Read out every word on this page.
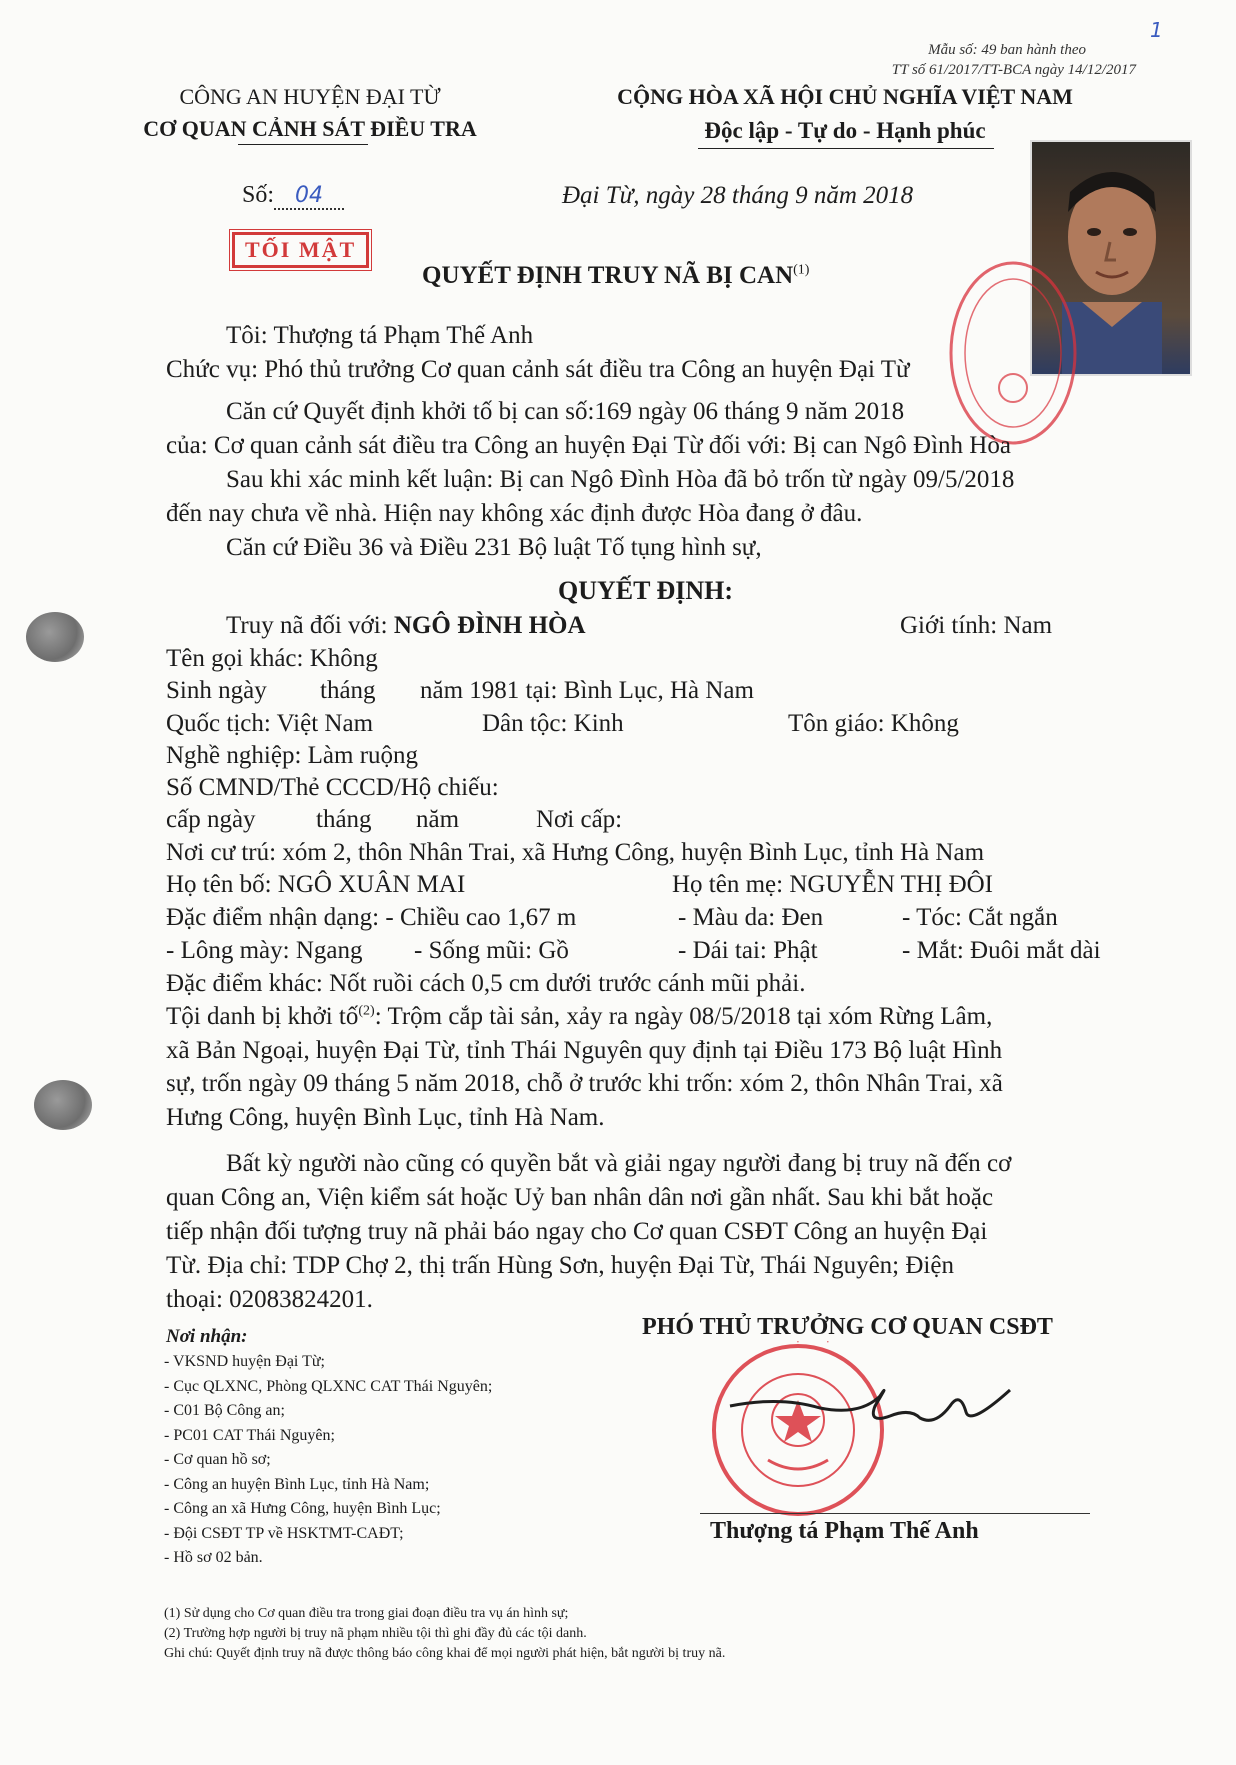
1
Mẫu số: 49 ban hành theo
TT số 61/2017/TT-BCA ngày 14/12/2017
CÔNG AN HUYỆN ĐẠI TỪ
CƠ QUAN CẢNH SÁT ĐIỀU TRA
CỘNG HÒA XÃ HỘI CHỦ NGHĨA VIỆT NAM
Độc lập - Tự do - Hạnh phúc
Số: 04	Đại Từ, ngày 28 tháng 9 năm 2018
TỐI MẬT
QUYẾT ĐỊNH TRUY NÃ BỊ CAN$^{(1)}$
Tôi: Thượng tá Phạm Thế Anh
Chức vụ: Phó thủ trưởng Cơ quan cảnh sát điều tra Công an huyện Đại Từ
Căn cứ Quyết định khởi tố bị can số:169 ngày 06 tháng 9 năm 2018
của: Cơ quan cảnh sát điều tra Công an huyện Đại Từ đối với: Bị can Ngô Đình Hòa
Sau khi xác minh kết luận: Bị can Ngô Đình Hòa đã bỏ trốn từ ngày 09/5/2018
đến nay chưa về nhà. Hiện nay không xác định được Hòa đang ở đâu.
Căn cứ Điều 36 và Điều 231 Bộ luật Tố tụng hình sự,
QUYẾT ĐỊNH:
Truy nã đối với: NGÔ ĐÌNH HÒA	Giới tính: Nam
Tên gọi khác: Không
Sinh ngày tháng năm 1981 tại: Bình Lục, Hà Nam
Quốc tịch: Việt Nam	Dân tộc: Kinh	Tôn giáo: Không
Nghề nghiệp: Làm ruộng
Số CMND/Thẻ CCCD/Hộ chiếu:
cấp ngày tháng năm	Nơi cấp:
Nơi cư trú: xóm 2, thôn Nhân Trai, xã Hưng Công, huyện Bình Lục, tỉnh Hà Nam
Họ tên bố: NGÔ XUÂN MAI	Họ tên mẹ: NGUYỄN THỊ ĐÔI
Đặc điểm nhận dạng: - Chiều cao 1,67 m	- Màu da: Đen	- Tóc: Cắt ngắn
- Lông mày: Ngang - Sống mũi: Gồ	- Dái tai: Phật	- Mắt: Đuôi mắt dài
Đặc điểm khác: Nốt ruồi cách 0,5 cm dưới trước cánh mũi phải.
Tội danh bị khởi tố$^{(2)}$: Trộm cắp tài sản, xảy ra ngày 08/5/2018 tại xóm Rừng Lâm,
xã Bản Ngoại, huyện Đại Từ, tỉnh Thái Nguyên quy định tại Điều 173 Bộ luật Hình
sự, trốn ngày 09 tháng 5 năm 2018, chỗ ở trước khi trốn: xóm 2, thôn Nhân Trai, xã
Hưng Công, huyện Bình Lục, tỉnh Hà Nam.
Bất kỳ người nào cũng có quyền bắt và giải ngay người đang bị truy nã đến cơ
quan Công an, Viện kiểm sát hoặc Uỷ ban nhân dân nơi gần nhất. Sau khi bắt hoặc
tiếp nhận đối tượng truy nã phải báo ngay cho Cơ quan CSĐT Công an huyện Đại
Từ. Địa chỉ: TDP Chợ 2, thị trấn Hùng Sơn, huyện Đại Từ, Thái Nguyên; Điện
thoại: 02083824201.
Nơi nhận:
- VKSND huyện Đại Từ;
- Cục QLXNC, Phòng QLXNC CAT Thái Nguyên;
- C01 Bộ Công an;
- PC01 CAT Thái Nguyên;
- Cơ quan hồ sơ;
- Công an huyện Bình Lục, tỉnh Hà Nam;
- Công an xã Hưng Công, huyện Bình Lục;
- Đội CSĐT TP về HSKTMT-CAĐT;
- Hồ sơ 02 bản.
PHÓ THỦ TRƯỞNG CƠ QUAN CSĐT
Thượng tá Phạm Thế Anh
(1) Sử dụng cho Cơ quan điều tra trong giai đoạn điều tra vụ án hình sự;
(2) Trường hợp người bị truy nã phạm nhiều tội thì ghi đầy đủ các tội danh.
Ghi chú: Quyết định truy nã được thông báo công khai để mọi người phát hiện, bắt người bị truy nã.
